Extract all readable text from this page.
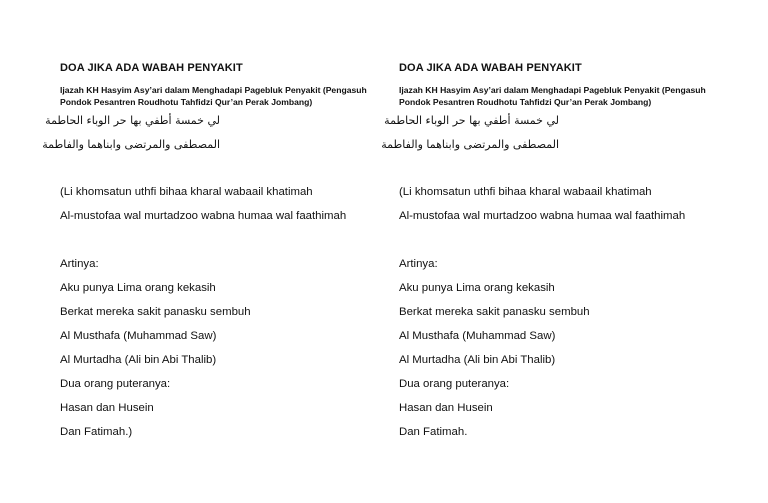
DOA JIKA ADA WABAH PENYAKIT
Ijazah KH Hasyim Asy’ari dalam Menghadapi Pagebluk Penyakit (Pengasuh Pondok Pesantren Roudhotu Tahfidzi Qur’an Perak Jombang)
لي خمسة أطفي بها حر الوباء الحاطمة
المصطفى والمرتضى وابناهما والفاطمة
(Li khomsatun uthfi bihaa kharal wabaail khatimah
Al-mustofaa wal murtadzoo wabna humaa wal faathimah
Artinya:
Aku punya Lima orang kekasih
Berkat mereka sakit panasku sembuh
Al Musthafa (Muhammad Saw)
Al Murtadha (Ali bin Abi Thalib)
Dua orang puteranya:
Hasan dan Husein
Dan Fatimah.)
DOA JIKA ADA WABAH PENYAKIT
Ijazah KH Hasyim Asy’ari dalam Menghadapi Pagebluk Penyakit (Pengasuh Pondok Pesantren Roudhotu Tahfidzi Qur’an Perak Jombang)
لي خمسة أطفي بها حر الوباء الحاطمة
المصطفى والمرتضى وابناهما والفاطمة
(Li khomsatun uthfi bihaa kharal wabaail khatimah
Al-mustofaa wal murtadzoo wabna humaa wal faathimah
Artinya:
Aku punya Lima orang kekasih
Berkat mereka sakit panasku sembuh
Al Musthafa (Muhammad Saw)
Al Murtadha (Ali bin Abi Thalib)
Dua orang puteranya:
Hasan dan Husein
Dan Fatimah.
